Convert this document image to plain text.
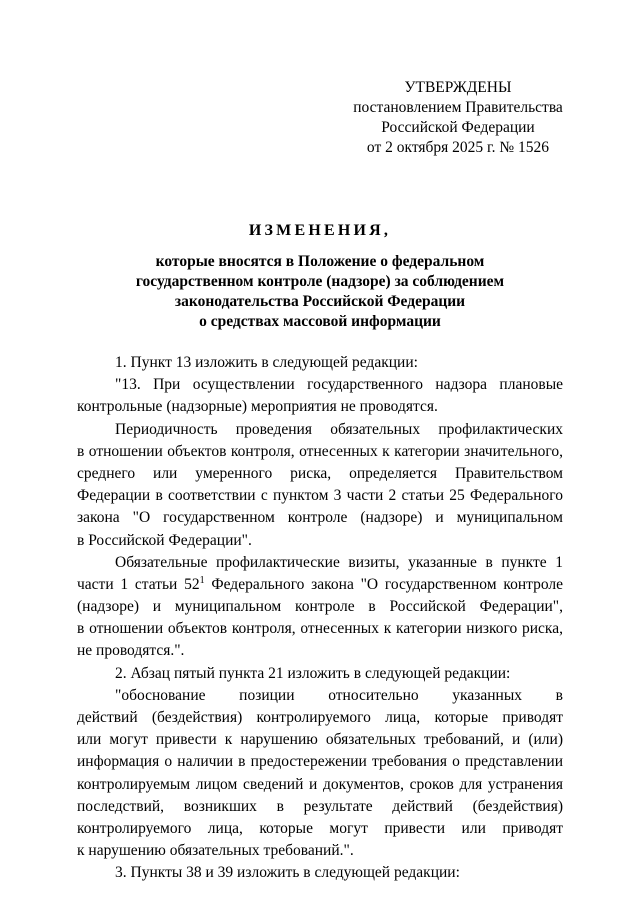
УТВЕРЖДЕНЫ
постановлением Правительства
Российской Федерации
от 2 октября 2025 г. № 1526
ИЗМЕНЕНИЯ,
которые вносятся в Положение о федеральном
государственном контроле (надзоре) за соблюдением
законодательства Российской Федерации
о средствах массовой информации
1. Пункт 13 изложить в следующей редакции:
"13. При осуществлении государственного надзора плановые
контрольные (надзорные) мероприятия не проводятся.
Периодичность проведения обязательных профилактических
в отношении объектов контроля, отнесенных к категории значительного,
среднего или умеренного риска, определяется Правительством
Федерации в соответствии с пунктом 3 части 2 статьи 25 Федерального
закона "О государственном контроле (надзоре) и муниципальном
в Российской Федерации".
Обязательные профилактические визиты, указанные в пункте 1
части 1 статьи $52^1$ Федерального закона "О государственном контроле
(надзоре) и муниципальном контроле в Российской Федерации",
в отношении объектов контроля, отнесенных к категории низкого риска,
не проводятся.".
2. Абзац пятый пункта 21 изложить в следующей редакции:
"обоснование позиции относительно указанных в
действий (бездействия) контролируемого лица, которые приводят
или могут привести к нарушению обязательных требований, и (или)
информация о наличии в предостережении требования о представлении
контролируемым лицом сведений и документов, сроков для устранения
последствий, возникших в результате действий (бездействия)
контролируемого лица, которые могут привести или приводят
к нарушению обязательных требований.".
3. Пункты 38 и 39 изложить в следующей редакции:
